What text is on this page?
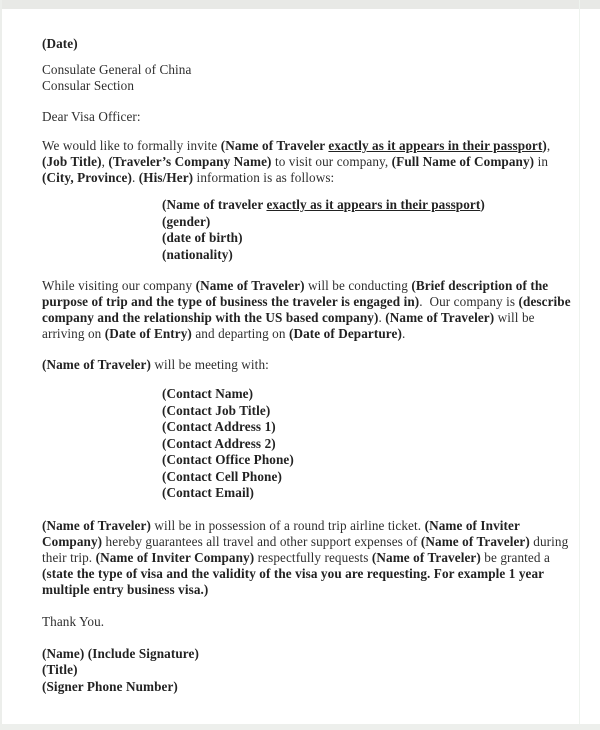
(Date)
Consulate General of China
Consular Section
Dear Visa Officer:
We would like to formally invite (Name of Traveler exactly as it appears in their passport), (Job Title), (Traveler’s Company Name) to visit our company, (Full Name of Company) in (City, Province). (His/Her) information is as follows:
(Name of traveler exactly as it appears in their passport)
(gender)
(date of birth)
(nationality)
While visiting our company (Name of Traveler) will be conducting (Brief description of the purpose of trip and the type of business the traveler is engaged in).  Our company is (describe company and the relationship with the US based company). (Name of Traveler) will be arriving on (Date of Entry) and departing on (Date of Departure).
(Name of Traveler) will be meeting with:
(Contact Name)
(Contact Job Title)
(Contact Address 1)
(Contact Address 2)
(Contact Office Phone)
(Contact Cell Phone)
(Contact Email)
(Name of Traveler) will be in possession of a round trip airline ticket. (Name of Inviter Company) hereby guarantees all travel and other support expenses of (Name of Traveler) during their trip. (Name of Inviter Company) respectfully requests (Name of Traveler) be granted a (state the type of visa and the validity of the visa you are requesting. For example 1 year multiple entry business visa.)
Thank You.
(Name) (Include Signature)
(Title)
(Signer Phone Number)
